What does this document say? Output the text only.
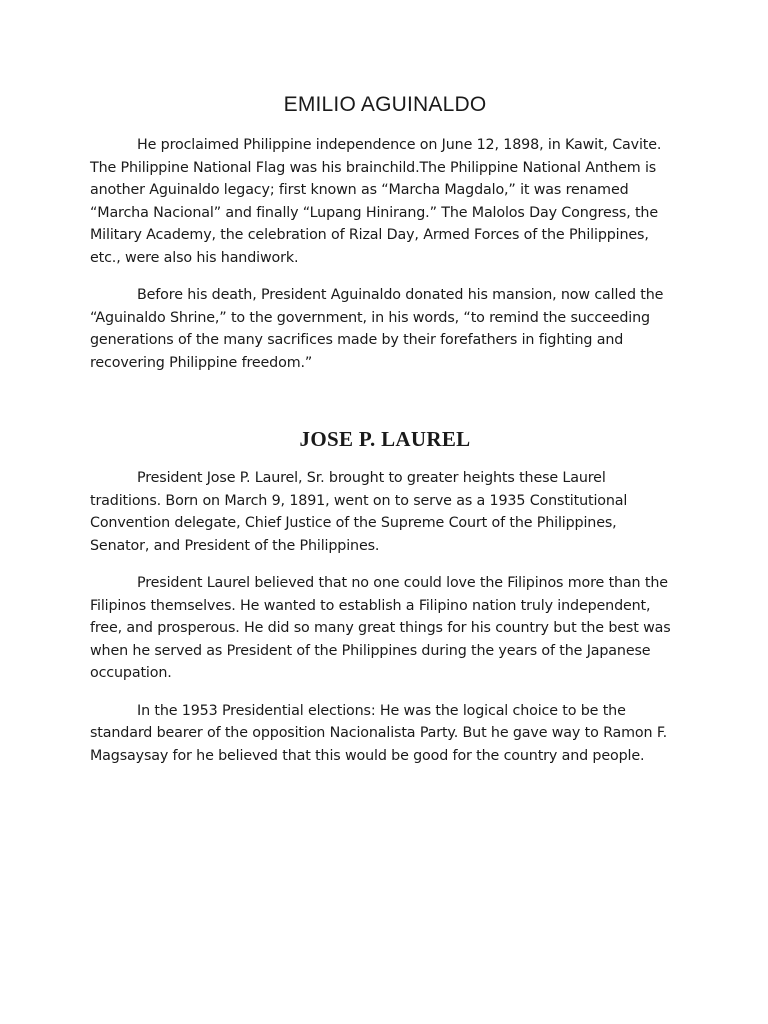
EMILIO AGUINALDO

He proclaimed Philippine independence on June 12, 1898, in Kawit, Cavite. The Philippine National Flag was his brainchild.The Philippine National Anthem is another Aguinaldo legacy; first known as “Marcha Magdalo,” it was renamed “Marcha Nacional” and finally “Lupang Hinirang.” The Malolos Day Congress, the Military Academy, the celebration of Rizal Day, Armed Forces of the Philippines, etc., were also his handiwork.

Before his death, President Aguinaldo donated his mansion, now called the “Aguinaldo Shrine,” to the government, in his words, “to remind the succeeding generations of the many sacrifices made by their forefathers in fighting and recovering Philippine freedom.”

JOSE P. LAUREL

President Jose P. Laurel, Sr. brought to greater heights these Laurel traditions. Born on March 9, 1891, went on to serve as a 1935 Constitutional Convention delegate, Chief Justice of the Supreme Court of the Philippines, Senator, and President of the Philippines.

President Laurel believed that no one could love the Filipinos more than the Filipinos themselves. He wanted to establish a Filipino nation truly independent, free, and prosperous. He did so many great things for his country but the best was when he served as President of the Philippines during the years of the Japanese occupation.

In the 1953 Presidential elections: He was the logical choice to be the standard bearer of the opposition Nacionalista Party. But he gave way to Ramon F. Magsaysay for he believed that this would be good for the country and people.
